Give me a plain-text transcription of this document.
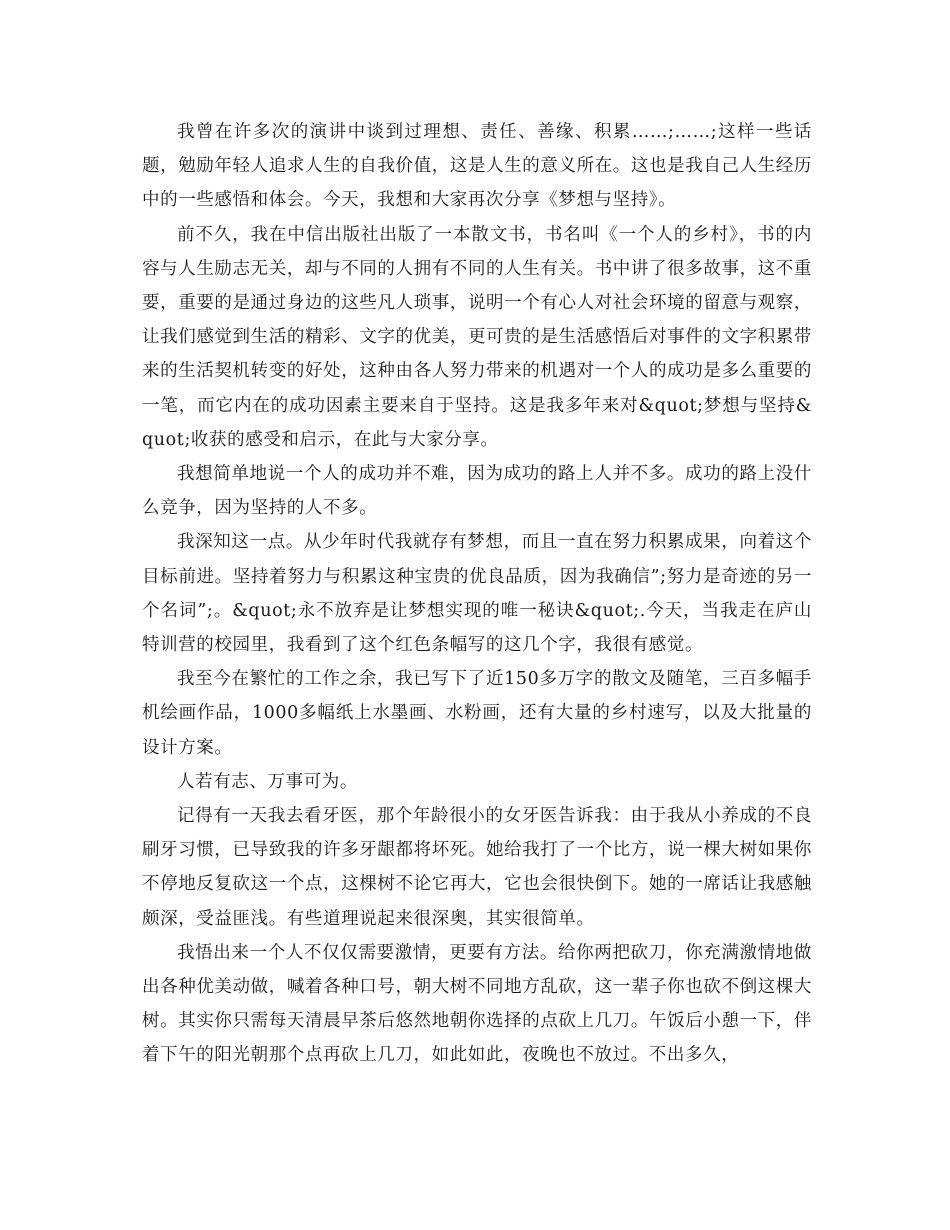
我曾在许多次的演讲中谈到过理想、责任、善缘、积累……;……;这样一些话题，勉励年轻人追求人生的自我价值，这是人生的意义所在。这也是我自己人生经历中的一些感悟和体会。今天，我想和大家再次分享《梦想与坚持》。

前不久，我在中信出版社出版了一本散文书，书名叫《一个人的乡村》，书的内容与人生励志无关，却与不同的人拥有不同的人生有关。书中讲了很多故事，这不重要，重要的是通过身边的这些凡人琐事，说明一个有心人对社会环境的留意与观察，让我们感觉到生活的精彩、文字的优美，更可贵的是生活感悟后对事件的文字积累带来的生活契机转变的好处，这种由各人努力带来的机遇对一个人的成功是多么重要的一笔，而它内在的成功因素主要来自于坚持。这是我多年来对&quot;梦想与坚持&quot;收获的感受和启示，在此与大家分享。

我想简单地说一个人的成功并不难，因为成功的路上人并不多。成功的路上没什么竞争，因为坚持的人不多。

我深知这一点。从少年时代我就存有梦想，而且一直在努力积累成果，向着这个目标前进。坚持着努力与积累这种宝贵的优良品质，因为我确信”;努力是奇迹的另一个名词”;。&quot;永不放弃是让梦想实现的唯一秘诀&quot;.今天，当我走在庐山特训营的校园里，我看到了这个红色条幅写的这几个字，我很有感觉。

我至今在繁忙的工作之余，我已写下了近150多万字的散文及随笔，三百多幅手机绘画作品，1000多幅纸上水墨画、水粉画，还有大量的乡村速写，以及大批量的设计方案。

人若有志、万事可为。

记得有一天我去看牙医，那个年龄很小的女牙医告诉我：由于我从小养成的不良刷牙习惯，已导致我的许多牙龈都将坏死。她给我打了一个比方，说一棵大树如果你不停地反复砍这一个点，这棵树不论它再大，它也会很快倒下。她的一席话让我感触颇深，受益匪浅。有些道理说起来很深奥，其实很简单。

我悟出来一个人不仅仅需要激情，更要有方法。给你两把砍刀，你充满激情地做出各种优美动做，喊着各种口号，朝大树不同地方乱砍，这一辈子你也砍不倒这棵大树。其实你只需每天清晨早茶后悠然地朝你选择的点砍上几刀。午饭后小憩一下，伴着下午的阳光朝那个点再砍上几刀，如此如此，夜晚也不放过。不出多久，
